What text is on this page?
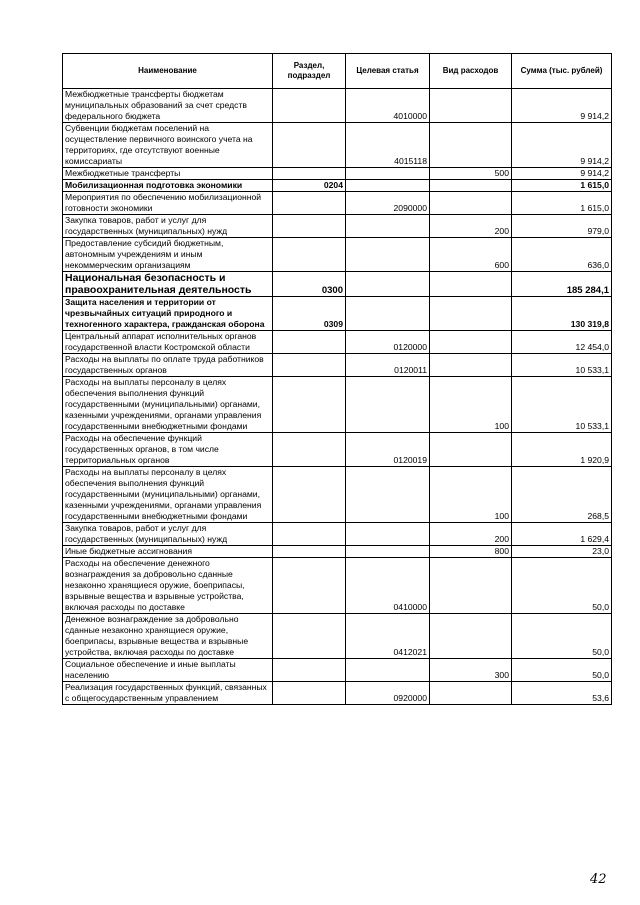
Наименование	Раздел, подраздел	Целевая статья	Вид расходов	Сумма (тыс. рублей)
Межбюджетные трансферты бюджетам муниципальных образований за счет средств федерального бюджета		4010000		9 914,2
Субвенции бюджетам поселений на осуществление первичного воинского учета на территориях, где отсутствуют военные комиссариаты		4015118		9 914,2
Межбюджетные трансферты			500	9 914,2
Мобилизационная подготовка экономики	0204			1 615,0
Мероприятия по обеспечению мобилизационной готовности экономики		2090000		1 615,0
Закупка товаров, работ и услуг для государственных (муниципальных) нужд			200	979,0
Предоставление субсидий бюджетным, автономным учреждениям и иным некоммерческим организациям			600	636,0
Национальная безопасность и правоохранительная деятельность	0300			185 284,1
Защита населения и территории от чрезвычайных ситуаций природного и техногенного характера, гражданская оборона	0309			130 319,8
Центральный аппарат исполнительных органов государственной власти Костромской области		0120000		12 454,0
Расходы на выплаты по оплате труда работников государственных органов		0120011		10 533,1
Расходы на выплаты персоналу в целях обеспечения выполнения функций государственными (муниципальными) органами, казенными учреждениями, органами управления государственными внебюджетными фондами			100	10 533,1
Расходы на обеспечение функций государственных органов, в том числе территориальных органов		0120019		1 920,9
Расходы на выплаты персоналу в целях обеспечения выполнения функций государственными (муниципальными) органами, казенными учреждениями, органами управления государственными внебюджетными фондами			100	268,5
Закупка товаров, работ и услуг для государственных (муниципальных) нужд			200	1 629,4
Иные бюджетные ассигнования			800	23,0
Расходы на обеспечение денежного вознаграждения за добровольно сданные незаконно хранящиеся оружие, боеприпасы, взрывные вещества и взрывные устройства, включая расходы по доставке		0410000		50,0
Денежное вознаграждение за добровольно сданные незаконно хранящиеся оружие, боеприпасы, взрывные вещества и взрывные устройства, включая расходы по доставке		0412021		50,0
Социальное обеспечение и иные выплаты населению			300	50,0
Реализация государственных функций, связанных с общегосударственным управлением		0920000		53,6
42
